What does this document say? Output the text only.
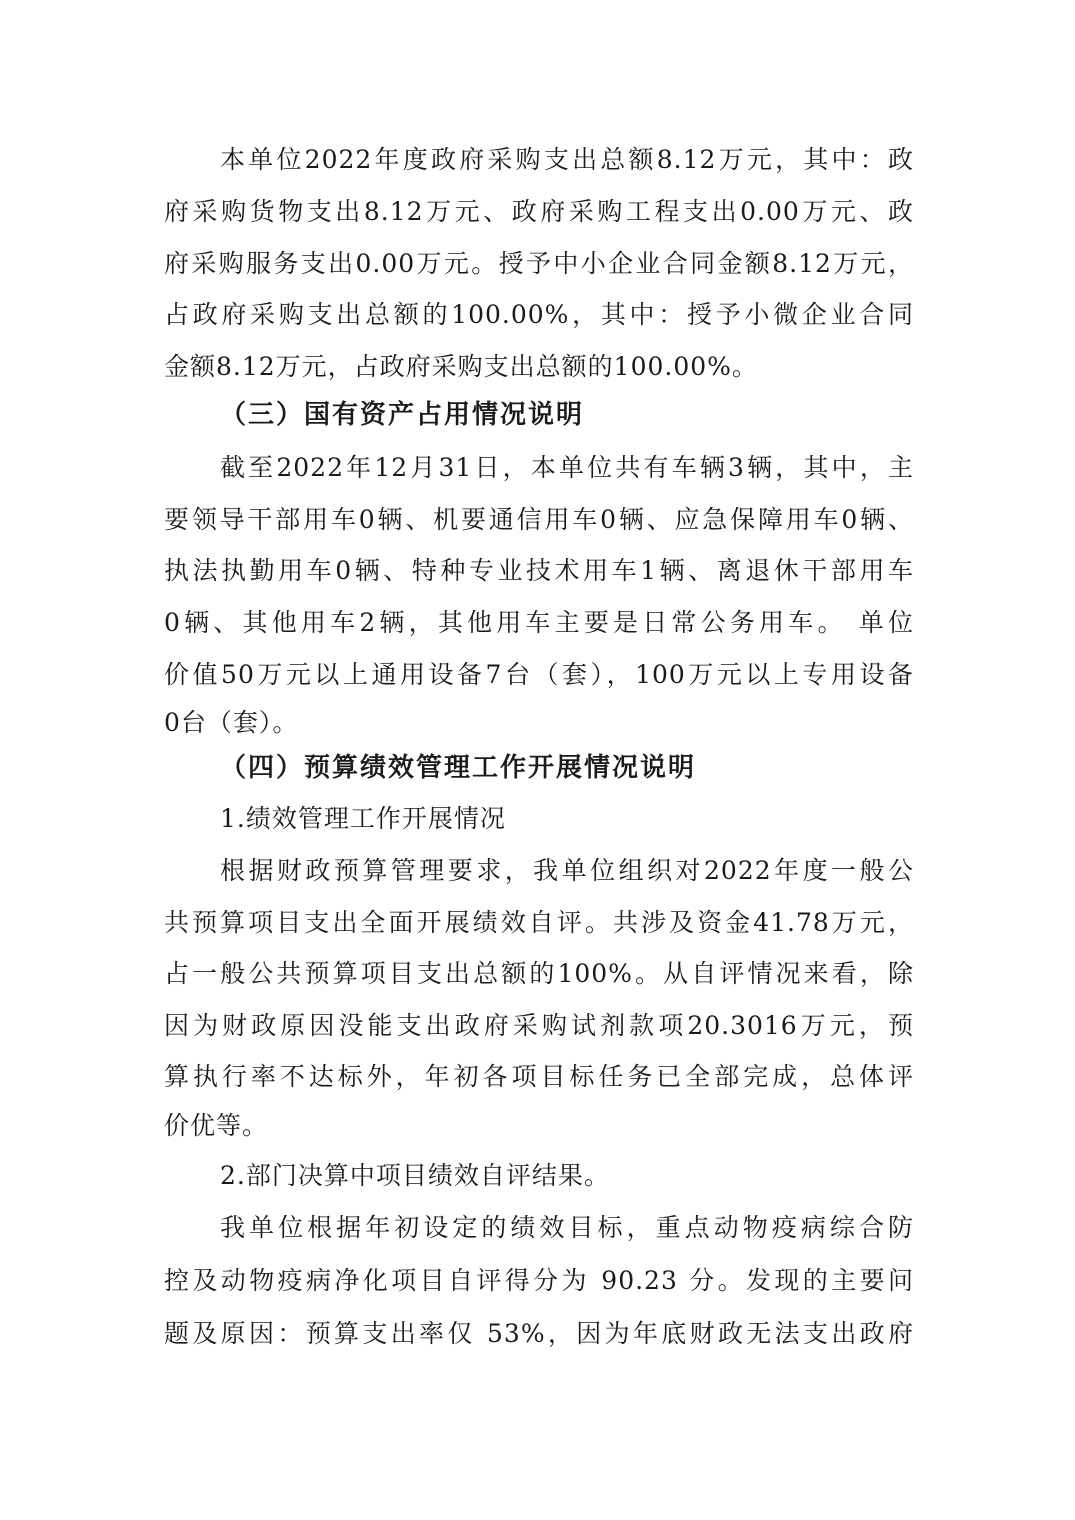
本单位2022年度政府采购支出总额8.12万元，其中：政
府采购货物支出8.12万元、政府采购工程支出0.00万元、政
府采购服务支出0.00万元。授予中小企业合同金额8.12万元，
占政府采购支出总额的100.00%，其中：授予小微企业合同
金额8.12万元，占政府采购支出总额的100.00%。
（三）国有资产占用情况说明
截至2022年12月31日，本单位共有车辆3辆，其中，主
要领导干部用车0辆、机要通信用车0辆、应急保障用车0辆、
执法执勤用车0辆、特种专业技术用车1辆、离退休干部用车
0辆、其他用车2辆，其他用车主要是日常公务用车。 单位
价值50万元以上通用设备7台（套），100万元以上专用设备
0台（套）。
（四）预算绩效管理工作开展情况说明
1.绩效管理工作开展情况
根据财政预算管理要求，我单位组织对2022年度一般公
共预算项目支出全面开展绩效自评。共涉及资金41.78万元，
占一般公共预算项目支出总额的100%。从自评情况来看，除
因为财政原因没能支出政府采购试剂款项20.3016万元，预
算执行率不达标外，年初各项目标任务已全部完成，总体评
价优等。
2.部门决算中项目绩效自评结果。
我单位根据年初设定的绩效目标，重点动物疫病综合防
控及动物疫病净化项目自评得分为 90.23 分。发现的主要问
题及原因：预算支出率仅 53%，因为年底财政无法支出政府
